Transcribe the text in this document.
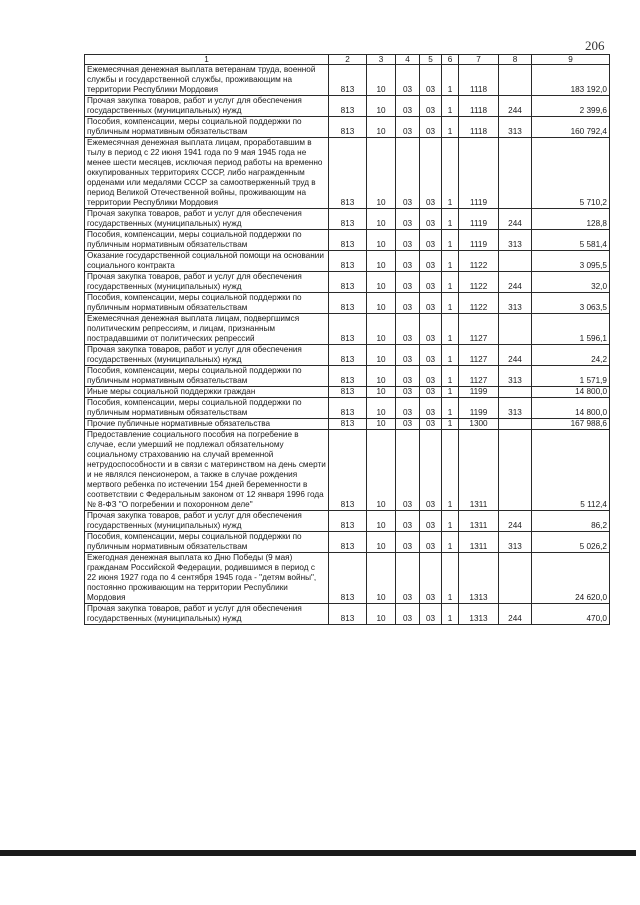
206
1	2	3	4	5	6	7	8	9
Ежемесячная денежная выплата ветеранам труда, военной службы и государственной службы, проживающим на территории Республики Мордовия	813	10	03	03	1	1118		183 192,0
Прочая закупка товаров, работ и услуг для обеспечения государственных (муниципальных) нужд	813	10	03	03	1	1118	244	2 399,6
Пособия, компенсации, меры социальной поддержки по публичным нормативным обязательствам	813	10	03	03	1	1118	313	160 792,4
Ежемесячная денежная выплата лицам, проработавшим в тылу в период с 22 июня 1941 года по 9 мая 1945 года не менее шести месяцев, исключая период работы на временно оккупированных территориях СССР, либо награжденным орденами или медалями СССР за самоотверженный труд в период Великой Отечественной войны, проживающим на территории Республики Мордовия	813	10	03	03	1	1119		5 710,2
Прочая закупка товаров, работ и услуг для обеспечения государственных (муниципальных) нужд	813	10	03	03	1	1119	244	128,8
Пособия, компенсации, меры социальной поддержки по публичным нормативным обязательствам	813	10	03	03	1	1119	313	5 581,4
Оказание государственной социальной помощи на основании социального контракта	813	10	03	03	1	1122		3 095,5
Прочая закупка товаров, работ и услуг для обеспечения государственных (муниципальных) нужд	813	10	03	03	1	1122	244	32,0
Пособия, компенсации, меры социальной поддержки по публичным нормативным обязательствам	813	10	03	03	1	1122	313	3 063,5
Ежемесячная денежная выплата лицам, подвергшимся политическим репрессиям, и лицам, признанным пострадавшими от политических репрессий	813	10	03	03	1	1127		1 596,1
Прочая закупка товаров, работ и услуг для обеспечения государственных (муниципальных) нужд	813	10	03	03	1	1127	244	24,2
Пособия, компенсации, меры социальной поддержки по публичным нормативным обязательствам	813	10	03	03	1	1127	313	1 571,9
Иные меры социальной поддержки граждан	813	10	03	03	1	1199		14 800,0
Пособия, компенсации, меры социальной поддержки по публичным нормативным обязательствам	813	10	03	03	1	1199	313	14 800,0
Прочие публичные нормативные обязательства	813	10	03	03	1	1300		167 988,6
Предоставление социального пособия на погребение в случае, если умерший не подлежал обязательному социальному страхованию на случай временной нетрудоспособности и в связи с материнством на день смерти и не являлся пенсионером, а также в случае рождения мертвого ребенка по истечении 154 дней беременности в соответствии с Федеральным законом от 12 января 1996 года № 8-ФЗ "О погребении и похоронном деле"	813	10	03	03	1	1311		5 112,4
Прочая закупка товаров, работ и услуг для обеспечения государственных (муниципальных) нужд	813	10	03	03	1	1311	244	86,2
Пособия, компенсации, меры социальной поддержки по публичным нормативным обязательствам	813	10	03	03	1	1311	313	5 026,2
Ежегодная денежная выплата ко Дню Победы (9 мая) гражданам Российской Федерации, родившимся в период с 22 июня 1927 года по 4 сентября 1945 года - "детям войны", постоянно проживающим на территории Республики Мордовия	813	10	03	03	1	1313		24 620,0
Прочая закупка товаров, работ и услуг для обеспечения государственных (муниципальных) нужд	813	10	03	03	1	1313	244	470,0
